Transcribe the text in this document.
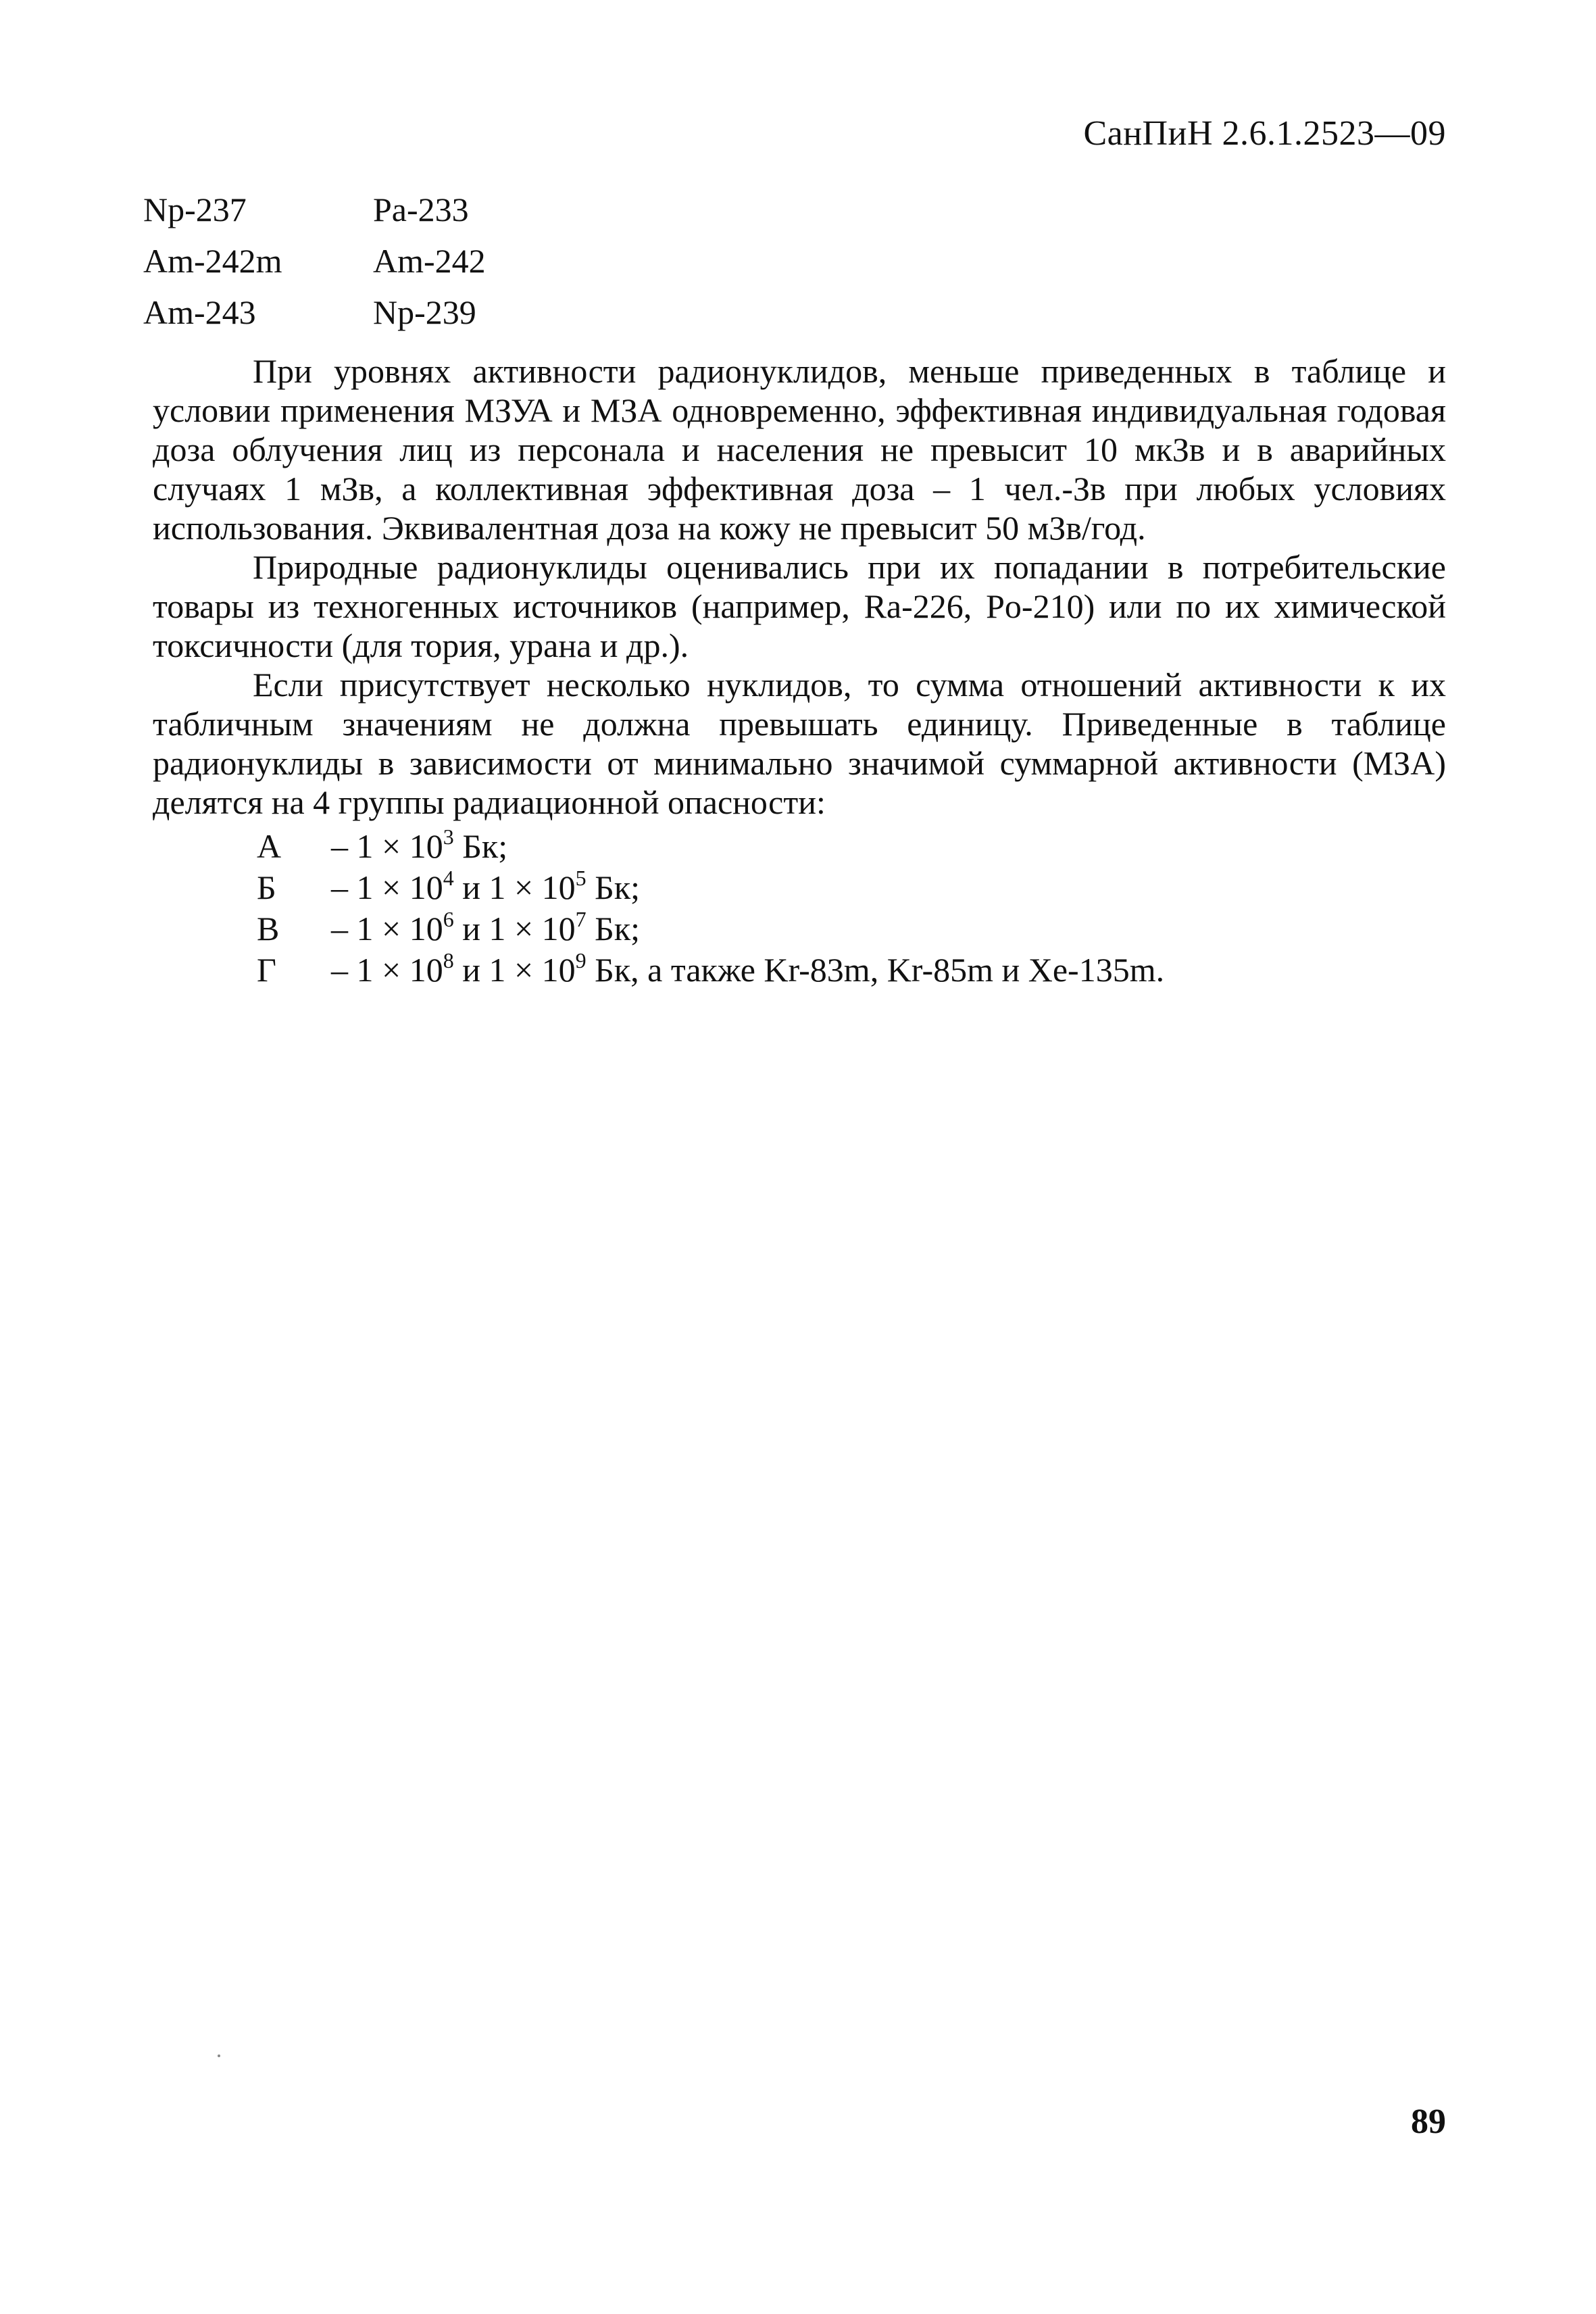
СанПиН 2.6.1.2523—09
Np-237	Pa-233
Am-242m	Am-242
Am-243	Np-239

При уровнях активности радионуклидов, меньше приведенных в таблице и условии применения МЗУА и МЗА одновременно, эффективная индивидуальная годовая доза облучения лиц из персонала и населения не превысит 10 мкЗв и в аварийных случаях 1 мЗв, а коллективная эффективная доза – 1 чел.-Зв при любых условиях использования. Эквивалентная доза на кожу не превысит 50 мЗв/год.

Природные радионуклиды оценивались при их попадании в потребительские товары из техногенных источников (например, Ra-226, Po-210) или по их химической токсичности (для тория, урана и др.).

Если присутствует несколько нуклидов, то сумма отношений активности к их табличным значениям не должна превышать единицу. Приведенные в таблице радионуклиды в зависимости от минимально значимой суммарной активности (МЗА) делятся на 4 группы радиационной опасности:

А	– $1 \times 10^3$ Бк;
Б	– $1 \times 10^4$ и $1 \times 10^5$ Бк;
В	– $1 \times 10^6$ и $1 \times 10^7$ Бк;
Г	– $1 \times 10^8$ и $1 \times 10^9$ Бк, а также Kr-83m, Kr-85m и Xe-135m.
89
